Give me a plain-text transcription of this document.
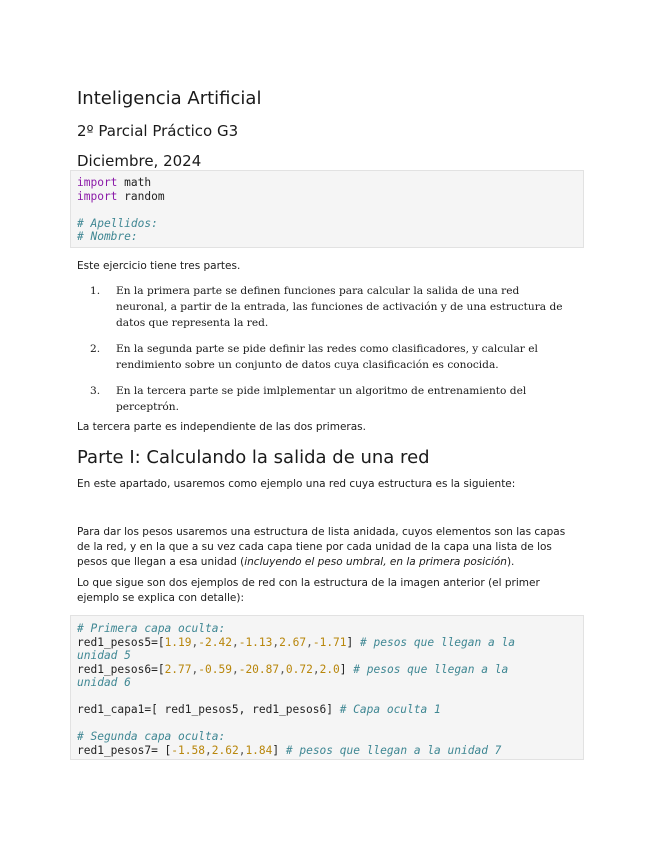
Inteligencia Artificial
2º Parcial Práctico G3
Diciembre, 2024
import math
import random
# Apellidos:
# Nombre:
Este ejercicio tiene tres partes.
1. En la primera parte se definen funciones para calcular la salida de una red neuronal, a partir de la entrada, las funciones de activación y de una estructura de datos que representa la red.
2. En la segunda parte se pide definir las redes como clasificadores, y calcular el rendimiento sobre un conjunto de datos cuya clasificación es conocida.
3. En la tercera parte se pide imlplementar un algoritmo de entrenamiento del perceptrón.
La tercera parte es independiente de las dos primeras.
Parte I: Calculando la salida de una red
En este apartado, usaremos como ejemplo una red cuya estructura es la siguiente:
Para dar los pesos usaremos una estructura de lista anidada, cuyos elementos son las capas de la red, y en la que a su vez cada capa tiene por cada unidad de la capa una lista de los pesos que llegan a esa unidad (incluyendo el peso umbral, en la primera posición).
Lo que sigue son dos ejemplos de red con la estructura de la imagen anterior (el primer ejemplo se explica con detalle):
# Primera capa oculta:
red1_pesos5=[1.19,-2.42,-1.13,2.67,-1.71] # pesos que llegan a la
unidad 5
red1_pesos6=[2.77,-0.59,-20.87,0.72,2.0] # pesos que llegan a la
unidad 6
red1_capa1=[ red1_pesos5, red1_pesos6] # Capa oculta 1
# Segunda capa oculta:
red1_pesos7= [-1.58,2.62,1.84] # pesos que llegan a la unidad 7
